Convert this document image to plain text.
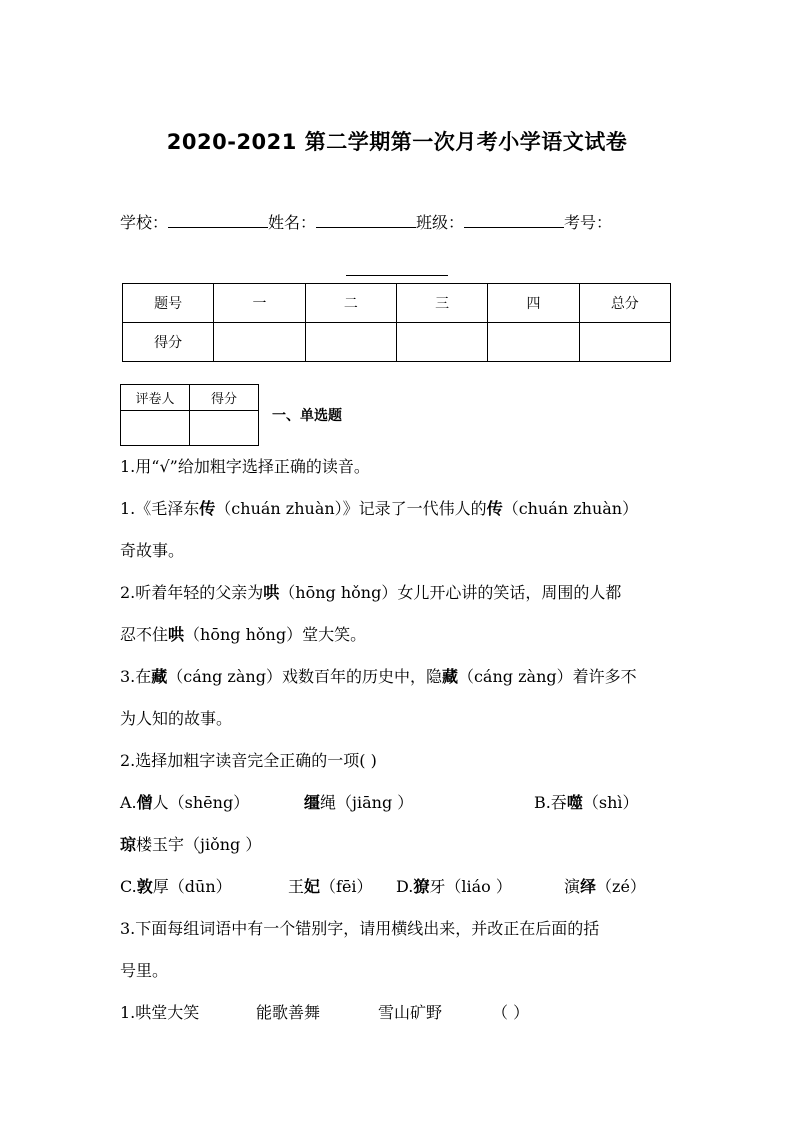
2020-2021 第二学期第一次月考小学语文试卷
学校：	姓名：	班级：	考号：
题号	一	二	三	四	总分
得分					
评卷人	得分

一、单选题
1.用“√”给加粗字选择正确的读音。
1.《毛泽东传（chuán zhuàn）》记录了一代伟人的传（chuán zhuàn）
奇故事。
2.听着年轻的父亲为哄（hōng hǒng）女儿开心讲的笑话，周围的人都
忍不住哄（hōng hǒng）堂大笑。
3.在藏（cáng zàng）戏数百年的历史中，隐藏（cáng zàng）着许多不
为人知的故事。
2.选择加粗字读音完全正确的一项( )
A.僧人（shēng）	缰绳（jiāng ）	B.吞噬（shì）
琼楼玉宇（jiǒng ）
C.敦厚（dūn）	王妃（fēi） D.獠牙（liáo ）	演绎（zé）
3.下面每组词语中有一个错别字，请用横线出来，并改正在后面的括
号里。
1.哄堂大笑	能歌善舞	雪山矿野	（ ）
